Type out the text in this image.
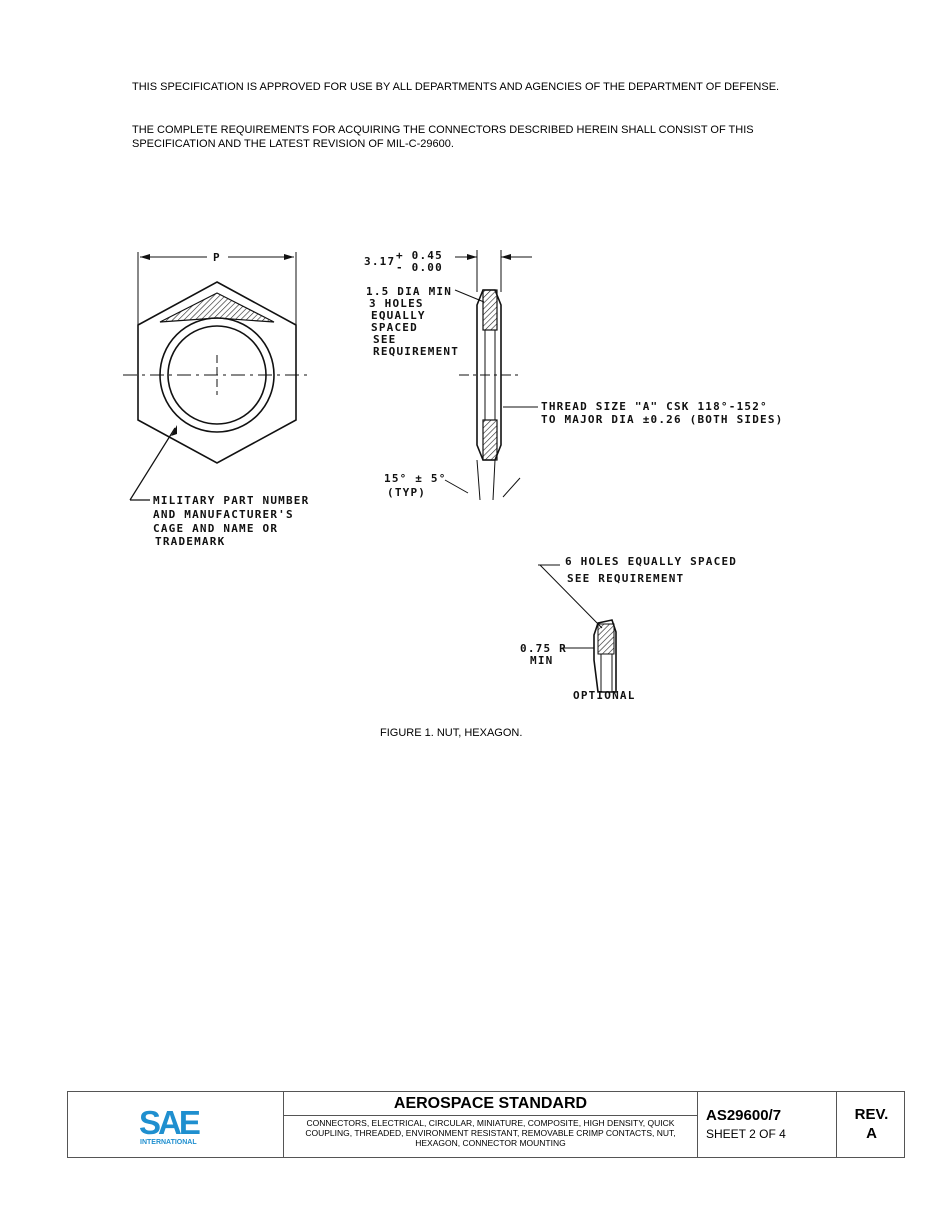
THIS SPECIFICATION IS APPROVED FOR USE BY ALL DEPARTMENTS AND AGENCIES OF THE DEPARTMENT OF DEFENSE.
THE COMPLETE REQUIREMENTS FOR ACQUIRING THE CONNECTORS DESCRIBED HEREIN SHALL CONSIST OF THIS SPECIFICATION AND THE LATEST REVISION OF MIL-C-29600.
P	3.17 + 0.45
- 0.00
1.5 DIA MIN
3 HOLES
EQUALLY
SPACED
SEE
REQUIREMENT
THREAD SIZE "A" CSK 118°-152°
TO MAJOR DIA ±0.26 (BOTH SIDES)
15° ± 5°
(TYP)
MILITARY PART NUMBER
AND MANUFACTURER'S
CAGE AND NAME OR
TRADEMARK
6 HOLES EQUALLY SPACED
SEE REQUIREMENT
0.75 R
MIN
OPTIONAL
FIGURE 1. NUT, HEXAGON.
SAE
INTERNATIONAL
AEROSPACE STANDARD
CONNECTORS, ELECTRICAL, CIRCULAR, MINIATURE, COMPOSITE, HIGH DENSITY, QUICK COUPLING, THREADED, ENVIRONMENT RESISTANT, REMOVABLE CRIMP CONTACTS, NUT, HEXAGON, CONNECTOR MOUNTING
AS29600/7
SHEET 2 OF 4
REV.
A
